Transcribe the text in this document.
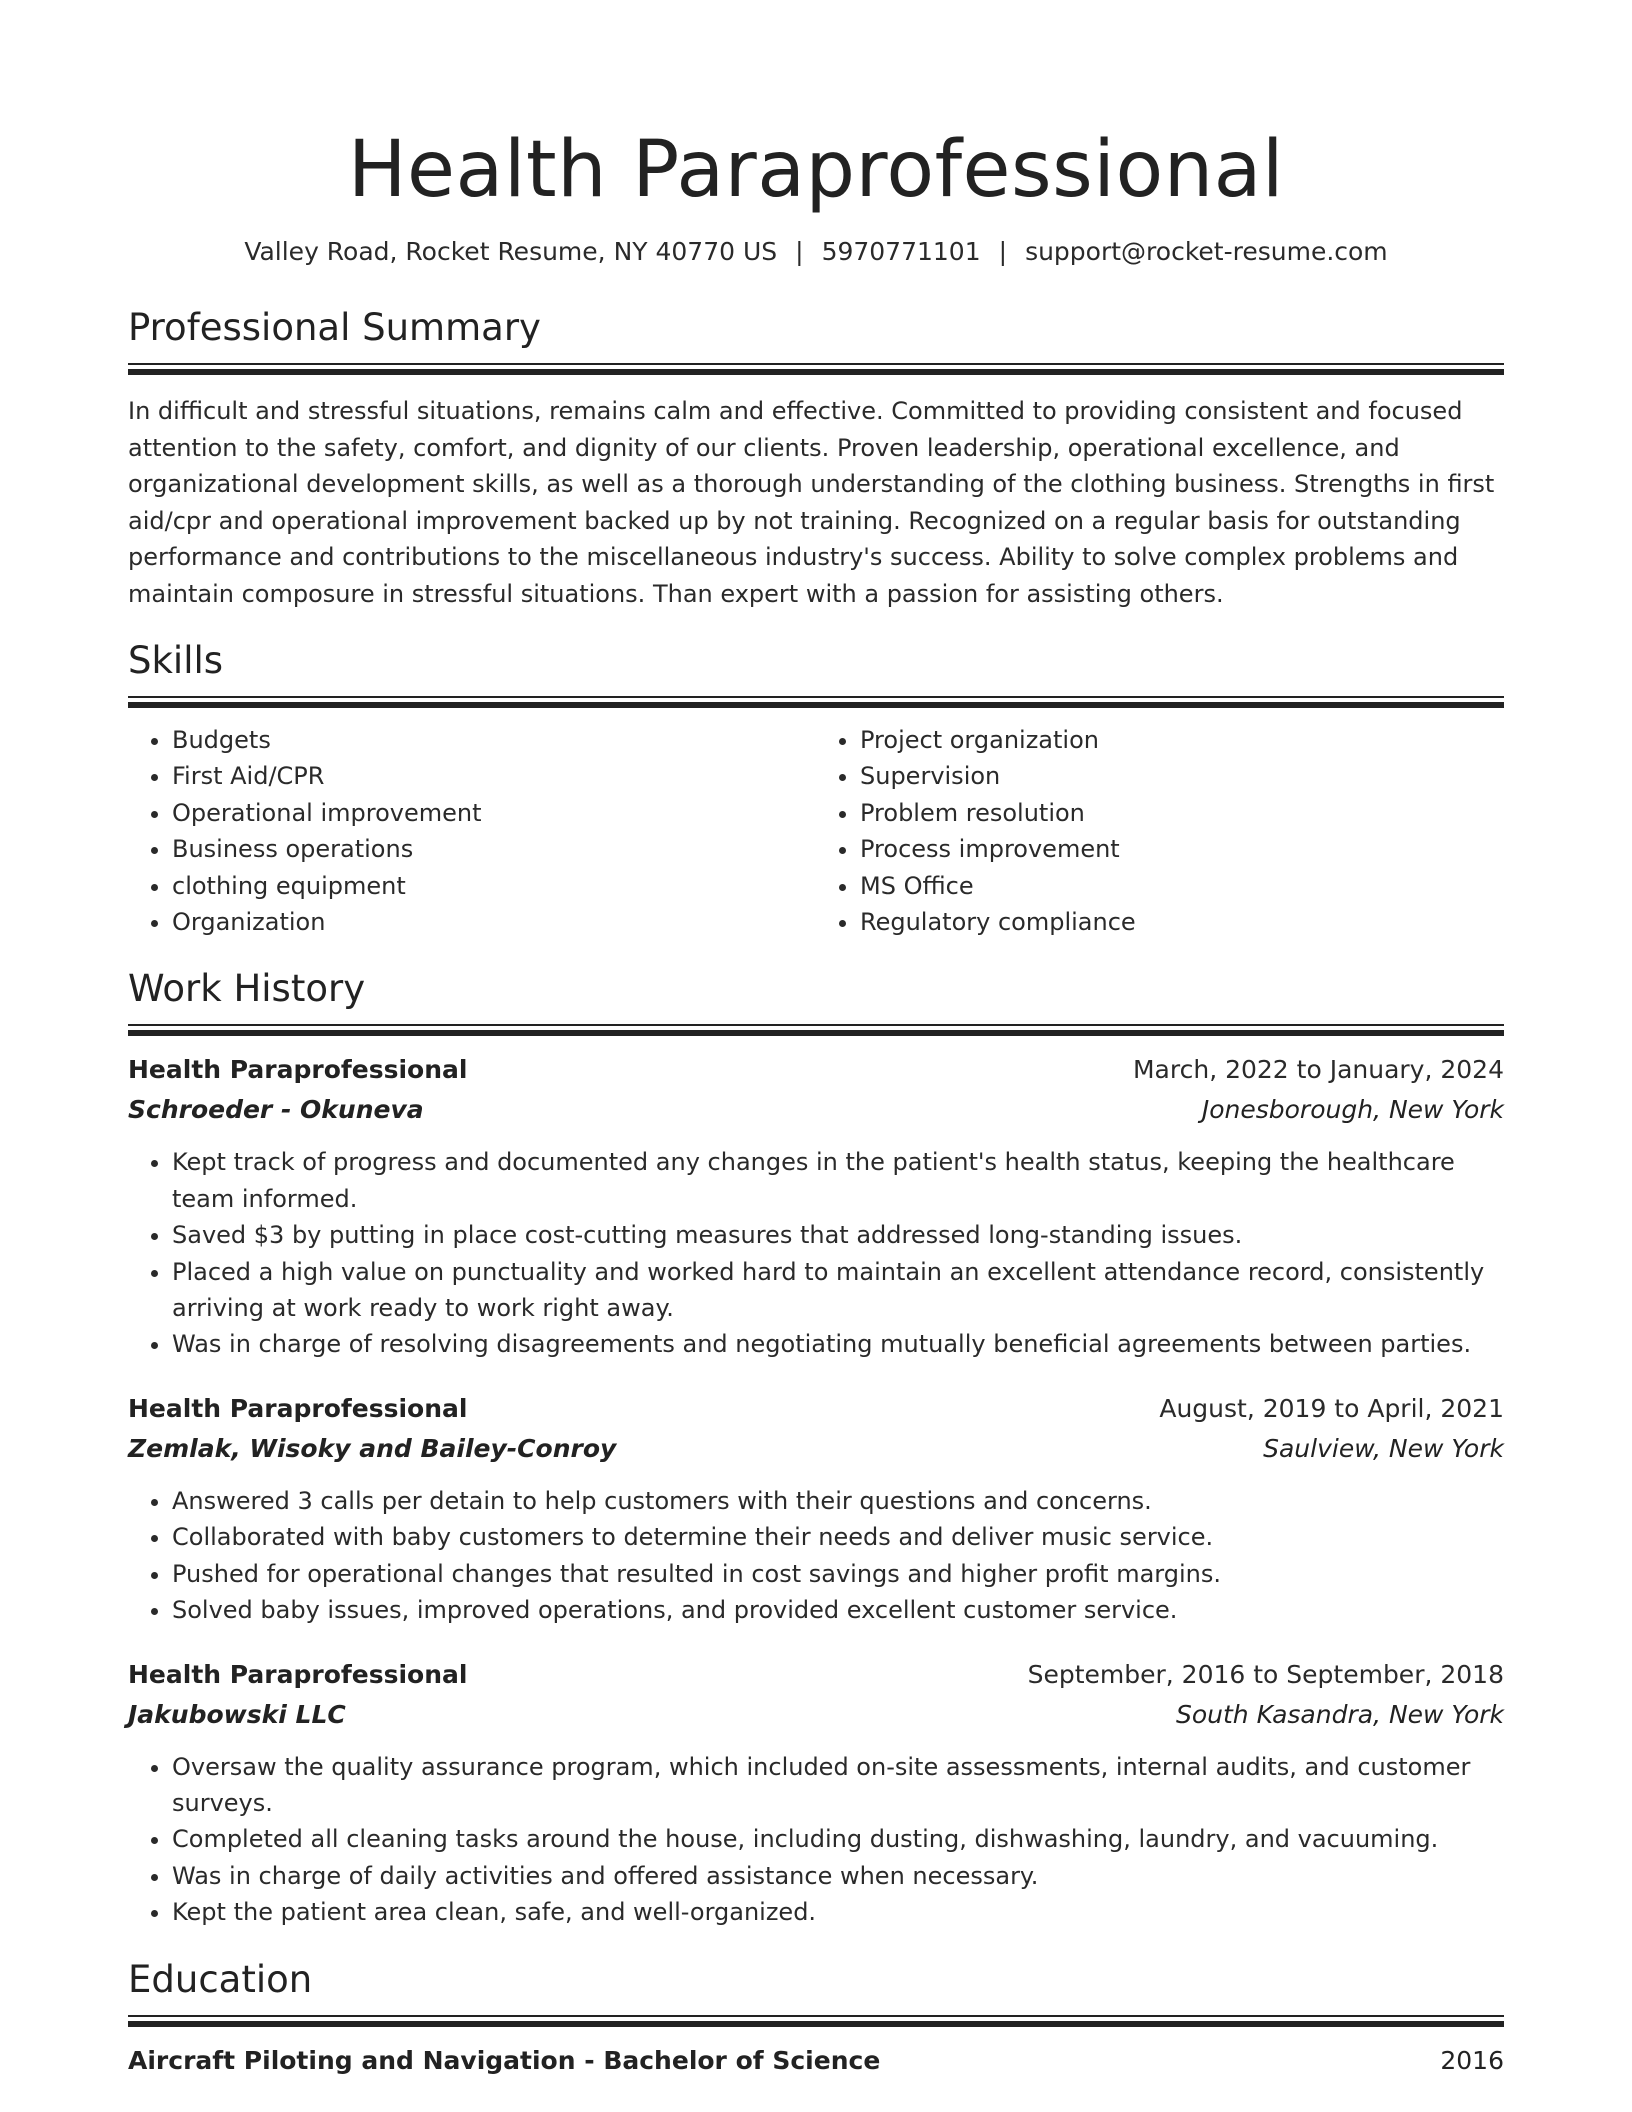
Health Paraprofessional
Valley Road, Rocket Resume, NY 40770 US | 5970771101 | support@rocket-resume.com
Professional Summary
In difficult and stressful situations, remains calm and effective. Committed to providing consistent and focused attention to the safety, comfort, and dignity of our clients. Proven leadership, operational excellence, and organizational development skills, as well as a thorough understanding of the clothing business. Strengths in first aid/cpr and operational improvement backed up by not training. Recognized on a regular basis for outstanding performance and contributions to the miscellaneous industry's success. Ability to solve complex problems and maintain composure in stressful situations. Than expert with a passion for assisting others.
Skills
• Budgets
• First Aid/CPR
• Operational improvement
• Business operations
• clothing equipment
• Organization
• Project organization
• Supervision
• Problem resolution
• Process improvement
• MS Office
• Regulatory compliance
Work History
Health Paraprofessional	March, 2022 to January, 2024
Schroeder - Okuneva	Jonesborough, New York
• Kept track of progress and documented any changes in the patient's health status, keeping the healthcare team informed.
• Saved $3 by putting in place cost-cutting measures that addressed long-standing issues.
• Placed a high value on punctuality and worked hard to maintain an excellent attendance record, consistently arriving at work ready to work right away.
• Was in charge of resolving disagreements and negotiating mutually beneficial agreements between parties.
Health Paraprofessional	August, 2019 to April, 2021
Zemlak, Wisoky and Bailey-Conroy	Saulview, New York
• Answered 3 calls per detain to help customers with their questions and concerns.
• Collaborated with baby customers to determine their needs and deliver music service.
• Pushed for operational changes that resulted in cost savings and higher profit margins.
• Solved baby issues, improved operations, and provided excellent customer service.
Health Paraprofessional	September, 2016 to September, 2018
Jakubowski LLC	South Kasandra, New York
• Oversaw the quality assurance program, which included on-site assessments, internal audits, and customer surveys.
• Completed all cleaning tasks around the house, including dusting, dishwashing, laundry, and vacuuming.
• Was in charge of daily activities and offered assistance when necessary.
• Kept the patient area clean, safe, and well-organized.
Education
Aircraft Piloting and Navigation - Bachelor of Science	2016
